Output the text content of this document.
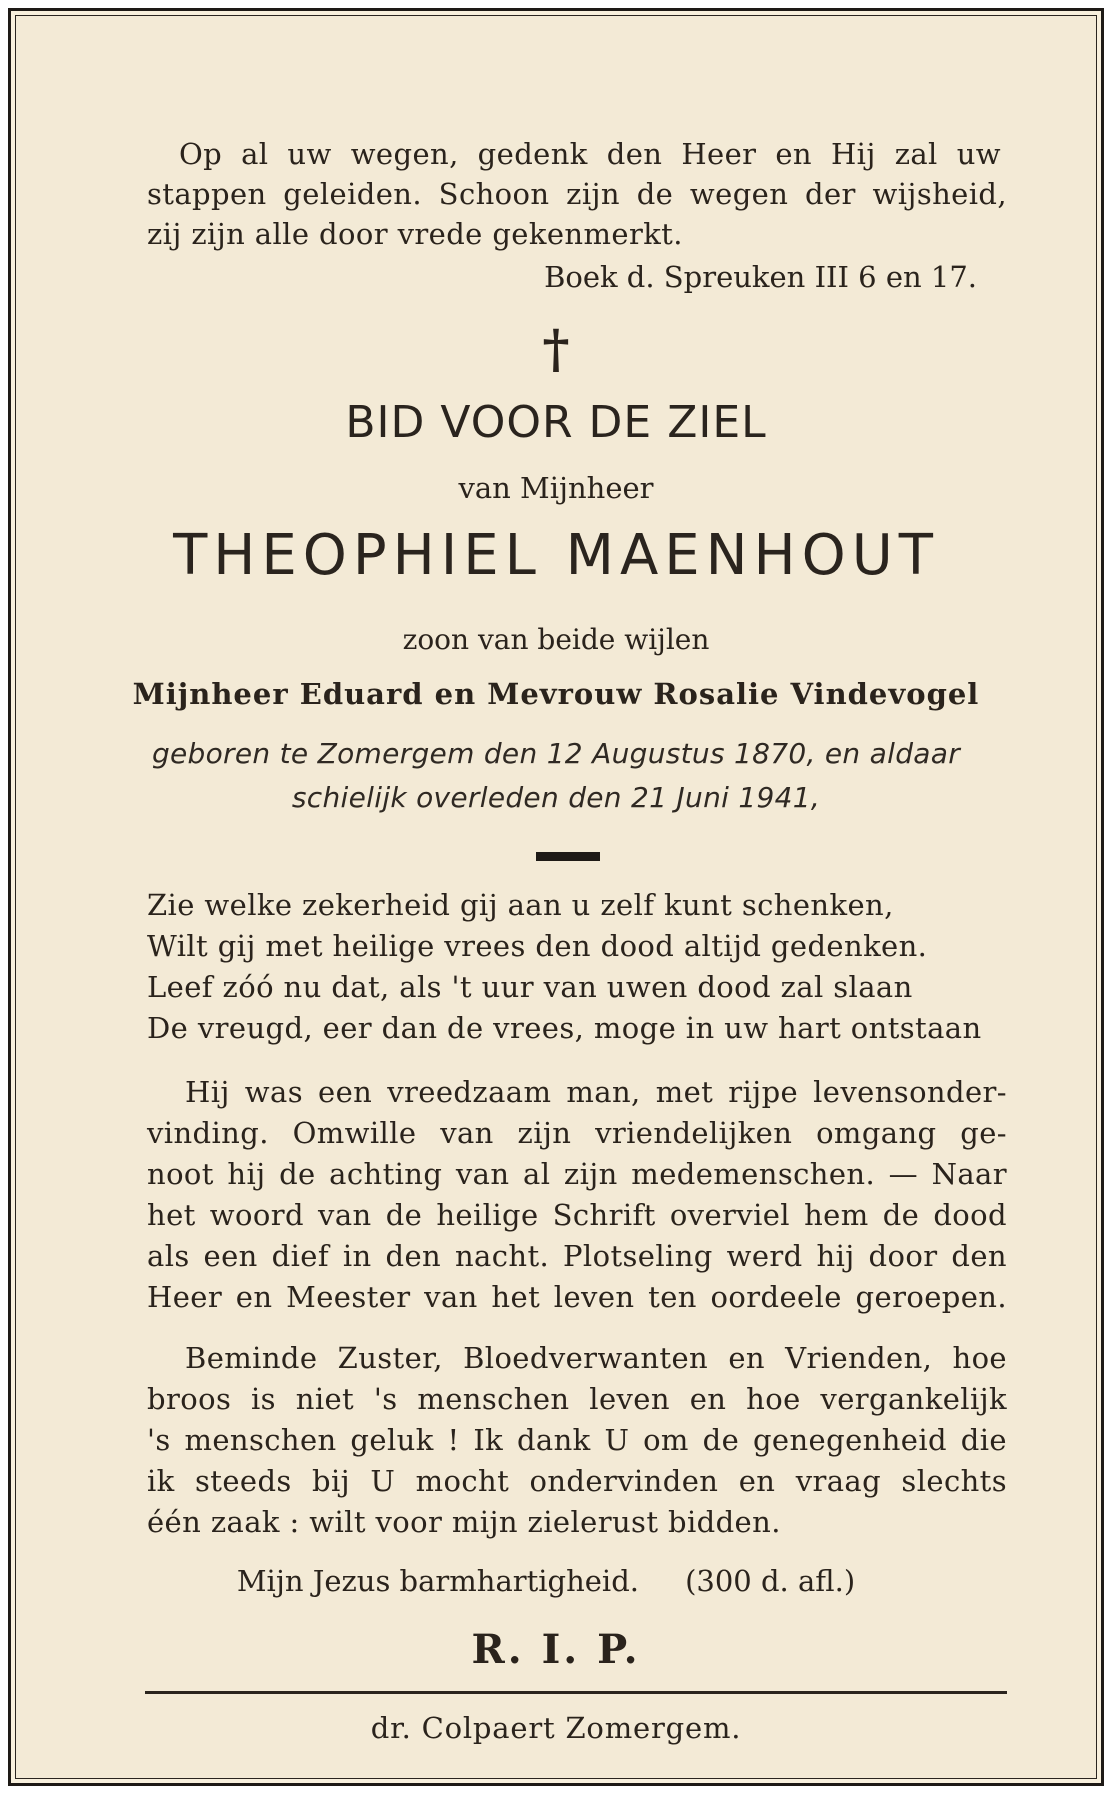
Op al uw wegen, gedenk den Heer en Hij zal uw
stappen geleiden. Schoon zijn de wegen der wijsheid,
zij zijn alle door vrede gekenmerkt.
Boek d. Spreuken III 6 en 17.
†
BID VOOR DE ZIEL
van Mijnheer
THEOPHIEL MAENHOUT
zoon van beide wijlen
Mijnheer Eduard en Mevrouw Rosalie Vindevogel
geboren te Zomergem den 12 Augustus 1870, en aldaar
schielijk overleden den 21 Juni 1941,
Zie welke zekerheid gij aan u zelf kunt schenken,
Wilt gij met heilige vrees den dood altijd gedenken.
Leef zóó nu dat, als 't uur van uwen dood zal slaan
De vreugd, eer dan de vrees, moge in uw hart ontstaan
Hij was een vreedzaam man, met rijpe levensonder-
vinding. Omwille van zijn vriendelijken omgang ge-
noot hij de achting van al zijn medemenschen. — Naar
het woord van de heilige Schrift overviel hem de dood
als een dief in den nacht. Plotseling werd hij door den
Heer en Meester van het leven ten oordeele geroepen.
Beminde Zuster, Bloedverwanten en Vrienden, hoe
broos is niet 's menschen leven en hoe vergankelijk
's menschen geluk ! Ik dank U om de genegenheid die
ik steeds bij U mocht ondervinden en vraag slechts
één zaak : wilt voor mijn zielerust bidden.
Mijn Jezus barmhartigheid.     (300 d. afl.)
R. I. P.
dr. Colpaert Zomergem.
